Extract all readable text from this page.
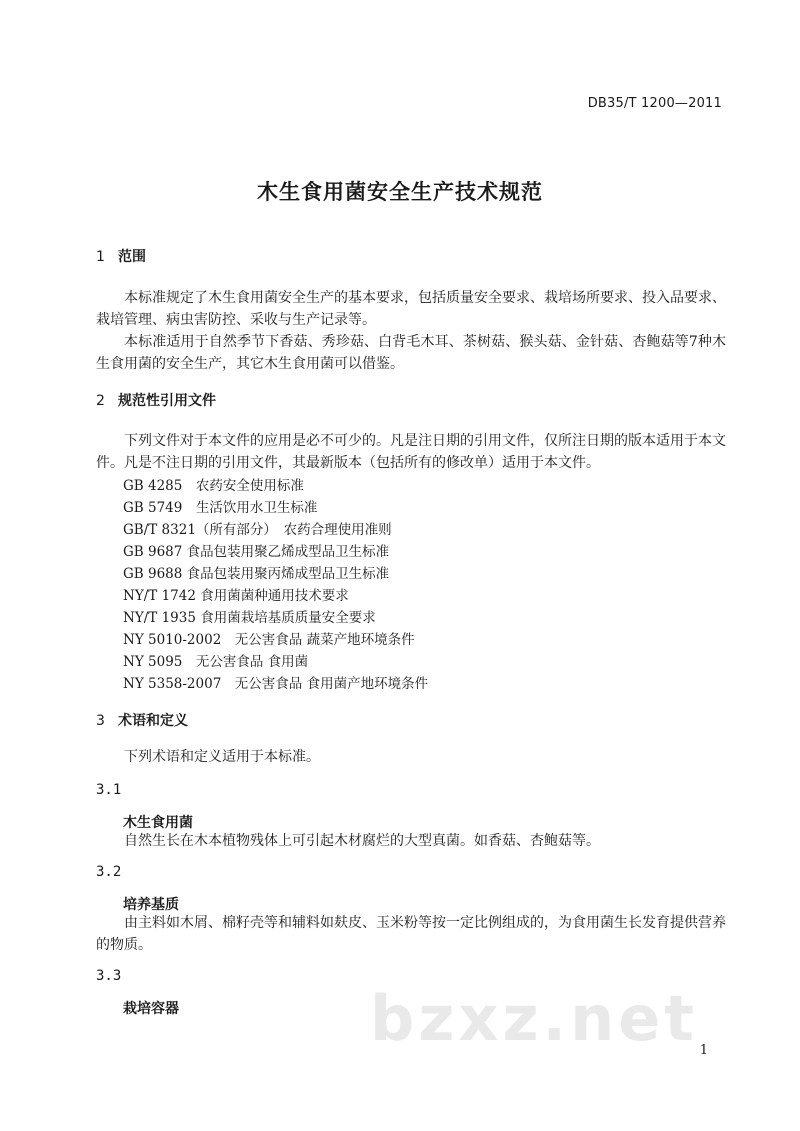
DB35/T 1200—2011
木生食用菌安全生产技术规范
1 范围
本标准规定了木生食用菌安全生产的基本要求，包括质量安全要求、栽培场所要求、投入品要求、栽培管理、病虫害防控、采收与生产记录等。
本标准适用于自然季节下香菇、秀珍菇、白背毛木耳、茶树菇、猴头菇、金针菇、杏鲍菇等7种木生食用菌的安全生产，其它木生食用菌可以借鉴。
2 规范性引用文件
下列文件对于本文件的应用是必不可少的。凡是注日期的引用文件，仅所注日期的版本适用于本文件。凡是不注日期的引用文件，其最新版本（包括所有的修改单）适用于本文件。
GB 4285　农药安全使用标准
GB 5749　生活饮用水卫生标准
GB/T 8321（所有部分）　农药合理使用准则
GB 9687 食品包装用聚乙烯成型品卫生标准
GB 9688 食品包装用聚丙烯成型品卫生标准
NY/T 1742 食用菌菌种通用技术要求
NY/T 1935 食用菌栽培基质质量安全要求
NY 5010-2002　无公害食品 蔬菜产地环境条件
NY 5095　无公害食品 食用菌
NY 5358-2007　无公害食品 食用菌产地环境条件
3 术语和定义
下列术语和定义适用于本标准。
3.1
木生食用菌
自然生长在木本植物残体上可引起木材腐烂的大型真菌。如香菇、杏鲍菇等。
3.2
培养基质
由主料如木屑、棉籽壳等和辅料如麸皮、玉米粉等按一定比例组成的，为食用菌生长发育提供营养的物质。
3.3
栽培容器	bzxz.net 1
